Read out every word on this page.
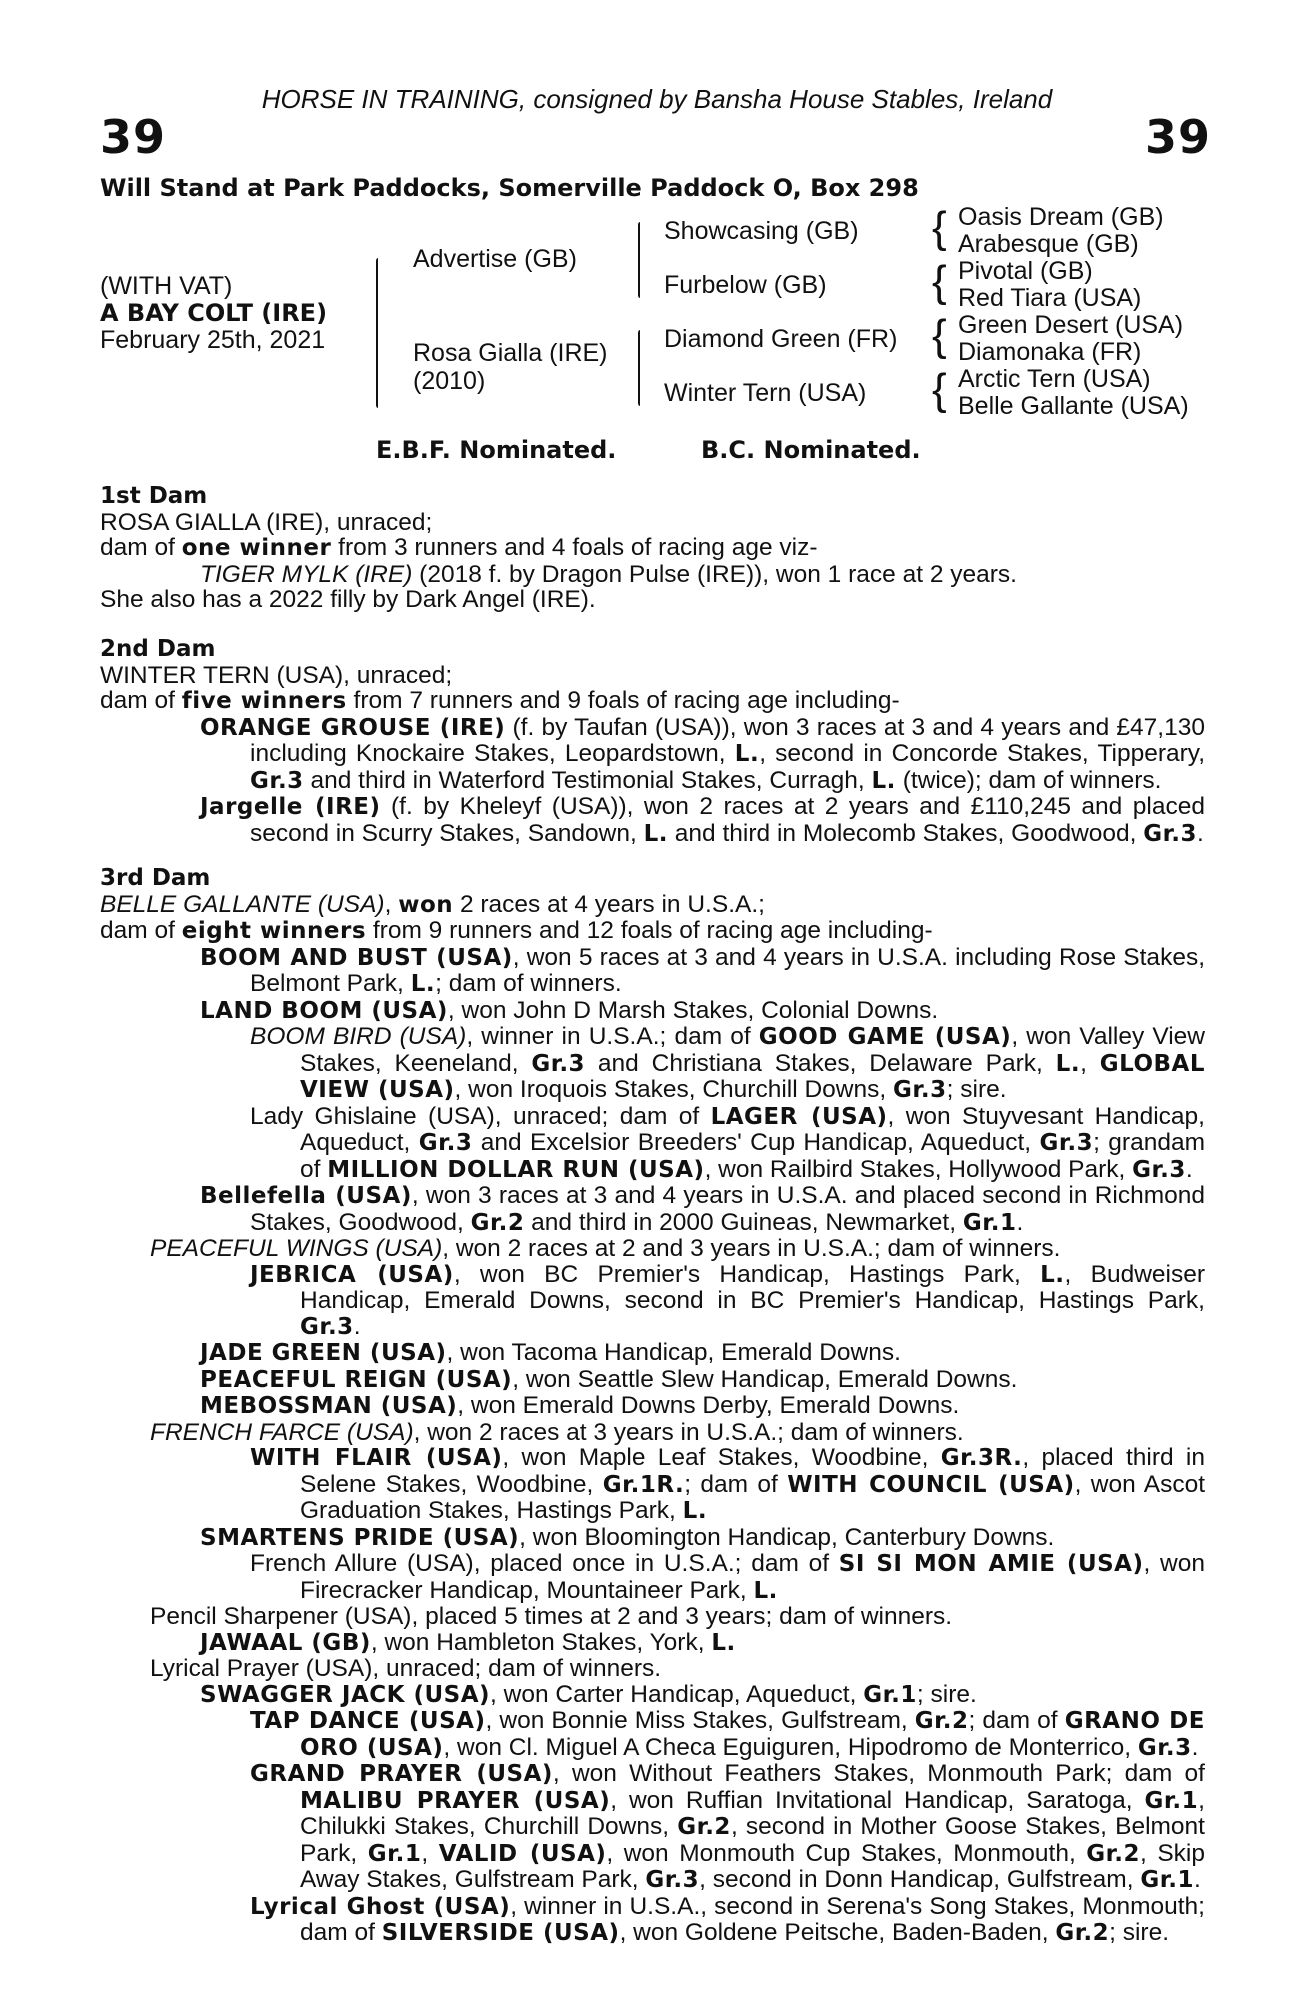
HORSE IN TRAINING, consigned by Bansha House Stables, Ireland
39	39
Will Stand at Park Paddocks, Somerville Paddock O, Box 298
(WITH VAT)
A BAY COLT (IRE)
February 25th, 2021
{
{
{
{
Advertise (GB)
Rosa Gialla (IRE)
(2010)
Showcasing (GB)
Furbelow (GB)
Diamond Green (FR)
Winter Tern (USA)
Oasis Dream (GB)
Arabesque (GB)
Pivotal (GB)
Red Tiara (USA)
Green Desert (USA)
Diamonaka (FR)
Arctic Tern (USA)
Belle Gallante (USA)
E.B.F. Nominated.	B.C. Nominated.

1st Dam

ROSA GIALLA (IRE), unraced;

dam of one winner from 3 runners and 4 foals of racing age viz-

TIGER MYLK (IRE) (2018 f. by Dragon Pulse (IRE)), won 1 race at 2 years.

She also has a 2022 filly by Dark Angel (IRE).

2nd Dam

WINTER TERN (USA), unraced;

dam of five winners from 7 runners and 9 foals of racing age including-

ORANGE GROUSE (IRE) (f. by Taufan (USA)), won 3 races at 3 and 4 years and £47,130 including Knockaire Stakes, Leopardstown, L., second in Concorde Stakes, Tipperary, Gr.3 and third in Waterford Testimonial Stakes, Curragh, L. (twice); dam of winners.

Jargelle (IRE) (f. by Kheleyf (USA)), won 2 races at 2 years and £110,245 and placed second in Scurry Stakes, Sandown, L. and third in Molecomb Stakes, Goodwood, Gr.3.

3rd Dam

BELLE GALLANTE (USA), won 2 races at 4 years in U.S.A.;

dam of eight winners from 9 runners and 12 foals of racing age including-

BOOM AND BUST (USA), won 5 races at 3 and 4 years in U.S.A. including Rose Stakes, Belmont Park, L.; dam of winners.

LAND BOOM (USA), won John D Marsh Stakes, Colonial Downs.

BOOM BIRD (USA), winner in U.S.A.; dam of GOOD GAME (USA), won Valley View Stakes, Keeneland, Gr.3 and Christiana Stakes, Delaware Park, L., GLOBAL VIEW (USA), won Iroquois Stakes, Churchill Downs, Gr.3; sire.

Lady Ghislaine (USA), unraced; dam of LAGER (USA), won Stuyvesant Handicap, Aqueduct, Gr.3 and Excelsior Breeders' Cup Handicap, Aqueduct, Gr.3; grandam of MILLION DOLLAR RUN (USA), won Railbird Stakes, Hollywood Park, Gr.3.

Bellefella (USA), won 3 races at 3 and 4 years in U.S.A. and placed second in Richmond Stakes, Goodwood, Gr.2 and third in 2000 Guineas, Newmarket, Gr.1.

PEACEFUL WINGS (USA), won 2 races at 2 and 3 years in U.S.A.; dam of winners.

JEBRICA (USA), won BC Premier's Handicap, Hastings Park, L., Budweiser Handicap, Emerald Downs, second in BC Premier's Handicap, Hastings Park, Gr.3.

JADE GREEN (USA), won Tacoma Handicap, Emerald Downs.

PEACEFUL REIGN (USA), won Seattle Slew Handicap, Emerald Downs.

MEBOSSMAN (USA), won Emerald Downs Derby, Emerald Downs.

FRENCH FARCE (USA), won 2 races at 3 years in U.S.A.; dam of winners.

WITH FLAIR (USA), won Maple Leaf Stakes, Woodbine, Gr.3R., placed third in Selene Stakes, Woodbine, Gr.1R.; dam of WITH COUNCIL (USA), won Ascot Graduation Stakes, Hastings Park, L.

SMARTENS PRIDE (USA), won Bloomington Handicap, Canterbury Downs.

French Allure (USA), placed once in U.S.A.; dam of SI SI MON AMIE (USA), won Firecracker Handicap, Mountaineer Park, L.

Pencil Sharpener (USA), placed 5 times at 2 and 3 years; dam of winners.

JAWAAL (GB), won Hambleton Stakes, York, L.

Lyrical Prayer (USA), unraced; dam of winners.

SWAGGER JACK (USA), won Carter Handicap, Aqueduct, Gr.1; sire.

TAP DANCE (USA), won Bonnie Miss Stakes, Gulfstream, Gr.2; dam of GRANO DE ORO (USA), won Cl. Miguel A Checa Eguiguren, Hipodromo de Monterrico, Gr.3.

GRAND PRAYER (USA), won Without Feathers Stakes, Monmouth Park; dam of MALIBU PRAYER (USA), won Ruffian Invitational Handicap, Saratoga, Gr.1, Chilukki Stakes, Churchill Downs, Gr.2, second in Mother Goose Stakes, Belmont Park, Gr.1, VALID (USA), won Monmouth Cup Stakes, Monmouth, Gr.2, Skip Away Stakes, Gulfstream Park, Gr.3, second in Donn Handicap, Gulfstream, Gr.1.

Lyrical Ghost (USA), winner in U.S.A., second in Serena's Song Stakes, Monmouth; dam of SILVERSIDE (USA), won Goldene Peitsche, Baden-Baden, Gr.2; sire.
